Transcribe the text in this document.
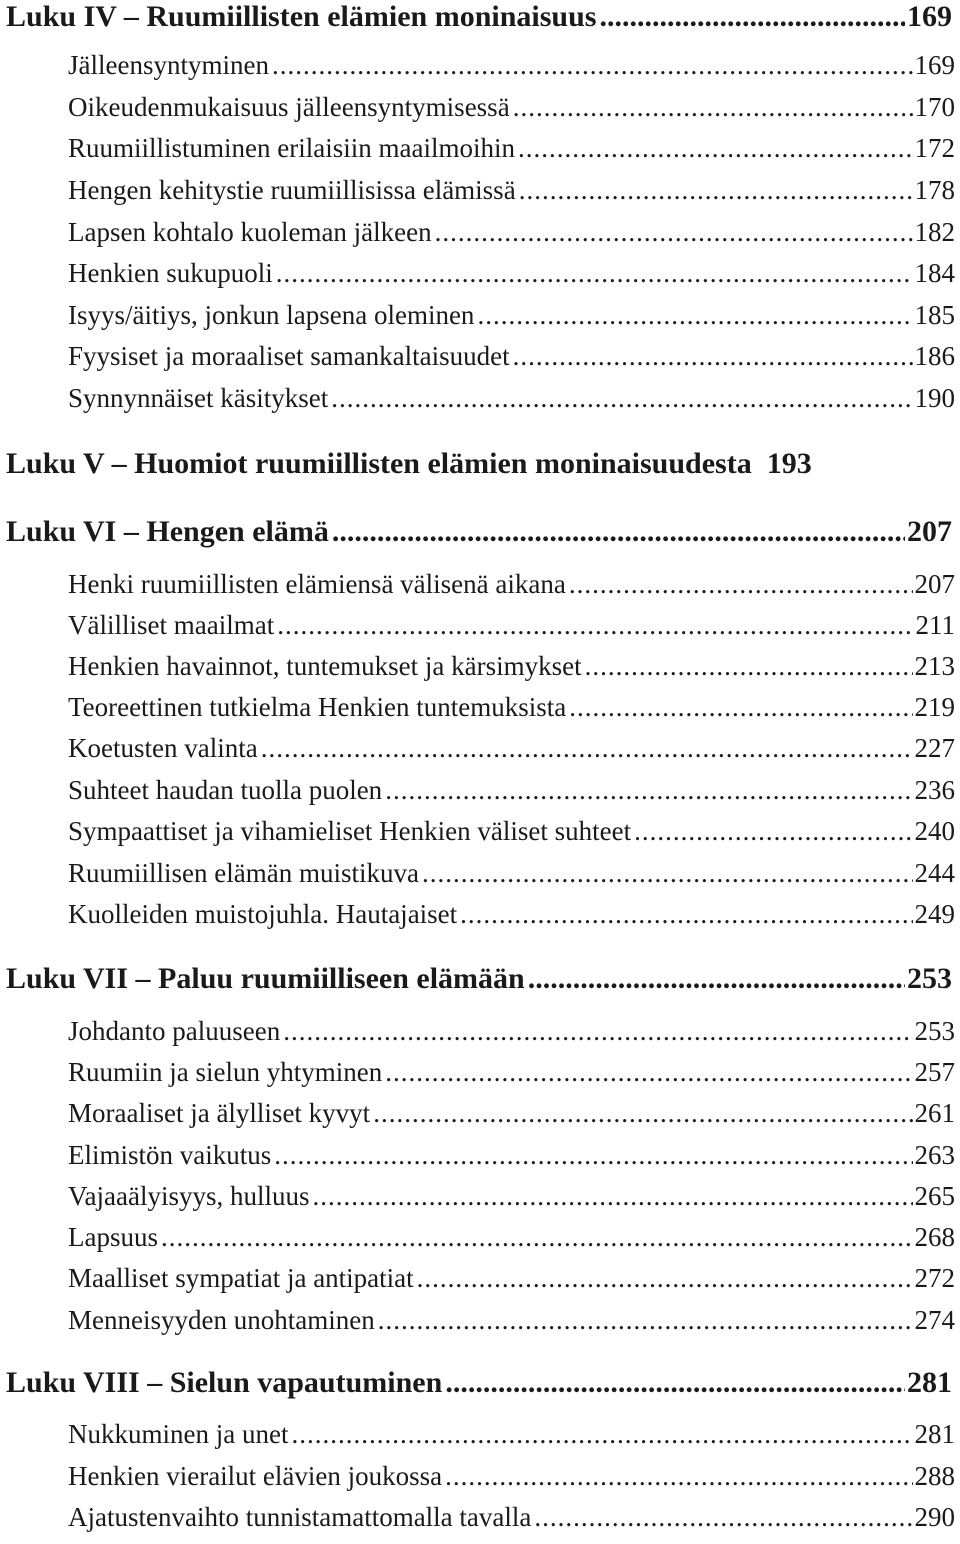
Luku IV – Ruumiillisten elämien moninaisuus .....	169
Jälleensyntyminen .....	169
Oikeudenmukaisuus jälleensyntymisessä .....	170
Ruumiillistuminen erilaisiin maailmoihin .....	172
Hengen kehitystie ruumiillisissa elämissä .....	178
Lapsen kohtalo kuoleman jälkeen .....	182
Henkien sukupuoli .....	184
Isyys/äitiys, jonkun lapsena oleminen .....	185
Fyysiset ja moraaliset samankaltaisuudet .....	186
Synnynnäiset käsitykset .....	190
Luku V – Huomiot ruumiillisten elämien moninaisuudesta 193
Luku VI – Hengen elämä .....	207
Henki ruumiillisten elämiensä välisenä aikana .....	207
Välilliset maailmat .....	211
Henkien havainnot, tuntemukset ja kärsimykset .....	213
Teoreettinen tutkielma Henkien tuntemuksista .....	219
Koetusten valinta .....	227
Suhteet haudan tuolla puolen .....	236
Sympaattiset ja vihamieliset Henkien väliset suhteet .....	240
Ruumiillisen elämän muistikuva .....	244
Kuolleiden muistojuhla. Hautajaiset .....	249
Luku VII – Paluu ruumiilliseen elämään .....	253
Johdanto paluuseen .....	253
Ruumiin ja sielun yhtyminen .....	257
Moraaliset ja älylliset kyvyt .....	261
Elimistön vaikutus .....	263
Vajaaälyisyys, hulluus .....	265
Lapsuus .....	268
Maalliset sympatiat ja antipatiat .....	272
Menneisyyden unohtaminen .....	274
Luku VIII – Sielun vapautuminen .....	281
Nukkuminen ja unet .....	281
Henkien vierailut elävien joukossa .....	288
Ajatustenvaihto tunnistamattomalla tavalla .....	290
